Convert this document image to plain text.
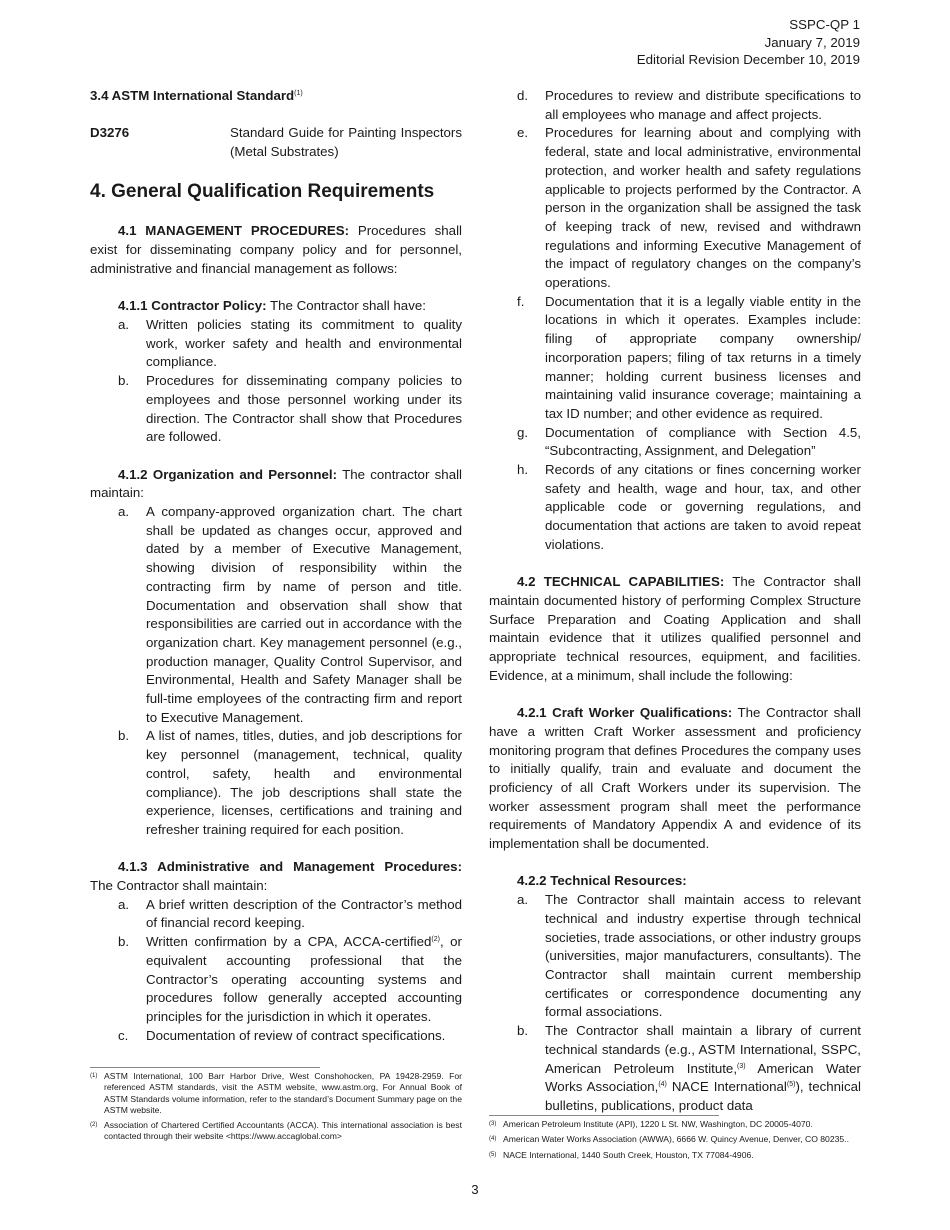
SSPC-QP 1
January 7, 2019
Editorial Revision December 10, 2019
3.4 ASTM International Standard$^{(1)}$
D3276	Standard Guide for Painting Inspectors (Metal Substrates)
4. General Qualification Requirements

4.1 MANAGEMENT PROCEDURES: Procedures shall exist for disseminating company policy and for personnel, administrative and financial management as follows:

4.1.1 Contractor Policy: The Contractor shall have:

a. Written policies stating its commitment to quality work, worker safety and health and environmental compliance.
b. Procedures for disseminating company policies to employees and those personnel working under its direction. The Contractor shall show that Procedures are followed.

4.1.2 Organization and Personnel: The contractor shall maintain:

a. A company-approved organization chart. The chart shall be updated as changes occur, approved and dated by a member of Executive Management, showing division of responsibility within the contracting firm by name of person and title. Documentation and observation shall show that responsibilities are carried out in accordance with the organization chart. Key management personnel (e.g., production manager, Quality Control Supervisor, and Environmental, Health and Safety Manager shall be full-time employees of the contracting firm and report to Executive Management.
b. A list of names, titles, duties, and job descriptions for key personnel (management, technical, quality control, safety, health and environmental compliance). The job descriptions shall state the experience, licenses, certifications and training and refresher training required for each position.

4.1.3 Administrative and Management Procedures: The Contractor shall maintain:

a. A brief written description of the Contractor’s method of financial record keeping.
b. Written confirmation by a CPA, ACCA-certified$^{(2)}$, or equivalent accounting professional that the Contractor’s operating accounting systems and procedures follow generally accepted accounting principles for the jurisdiction in which it operates.
c. Documentation of review of contract specifications.
d. Procedures to review and distribute specifications to all employees who manage and affect projects.
e. Procedures for learning about and complying with federal, state and local administrative, environmental protection, and worker health and safety regulations applicable to projects performed by the Contractor. A person in the organization shall be assigned the task of keeping track of new, revised and withdrawn regulations and informing Executive Management of the impact of regulatory changes on the company’s operations.
f. Documentation that it is a legally viable entity in the locations in which it operates. Examples include: filing of appropriate company ownership/ incorporation papers; filing of tax returns in a timely manner; holding current business licenses and maintaining valid insurance coverage; maintaining a tax ID number; and other evidence as required.
g. Documentation of compliance with Section 4.5, “Subcontracting, Assignment, and Delegation”
h. Records of any citations or fines concerning worker safety and health, wage and hour, tax, and other applicable code or governing regulations, and documentation that actions are taken to avoid repeat violations.

4.2 TECHNICAL CAPABILITIES: The Contractor shall maintain documented history of performing Complex Structure Surface Preparation and Coating Application and shall maintain evidence that it utilizes qualified personnel and appropriate technical resources, equipment, and facilities. Evidence, at a minimum, shall include the following:

4.2.1 Craft Worker Qualifications: The Contractor shall have a written Craft Worker assessment and proficiency monitoring program that defines Procedures the company uses to initially qualify, train and evaluate and document the proficiency of all Craft Workers under its supervision. The worker assessment program shall meet the performance requirements of Mandatory Appendix A and evidence of its implementation shall be documented.

4.2.2 Technical Resources:

a. The Contractor shall maintain access to relevant technical and industry expertise through technical societies, trade associations, or other industry groups (universities, major manufacturers, consultants). The Contractor shall maintain current membership certificates or correspondence documenting any formal associations.
b. The Contractor shall maintain a library of current technical standards (e.g., ASTM International, SSPC, American Petroleum Institute,$^{(3)}$ American Water Works Association,$^{(4)}$ NACE International$^{(5)}$), technical bulletins, publications, product data
(1) ASTM International, 100 Barr Harbor Drive, West Conshohocken, PA 19428-2959. For referenced ASTM standards, visit the ASTM website, www.astm.org, For Annual Book of ASTM Standards volume information, refer to the standard’s Document Summary page on the ASTM website.
(2) Association of Chartered Certified Accountants (ACCA). This international association is best contacted through their website <https://www.accaglobal.com>
(3) American Petroleum Institute (API), 1220 L St. NW, Washington, DC 20005-4070.
(4) American Water Works Association (AWWA), 6666 W. Quincy Avenue, Denver, CO 80235..
(5) NACE International, 1440 South Creek, Houston, TX 77084-4906.
3
